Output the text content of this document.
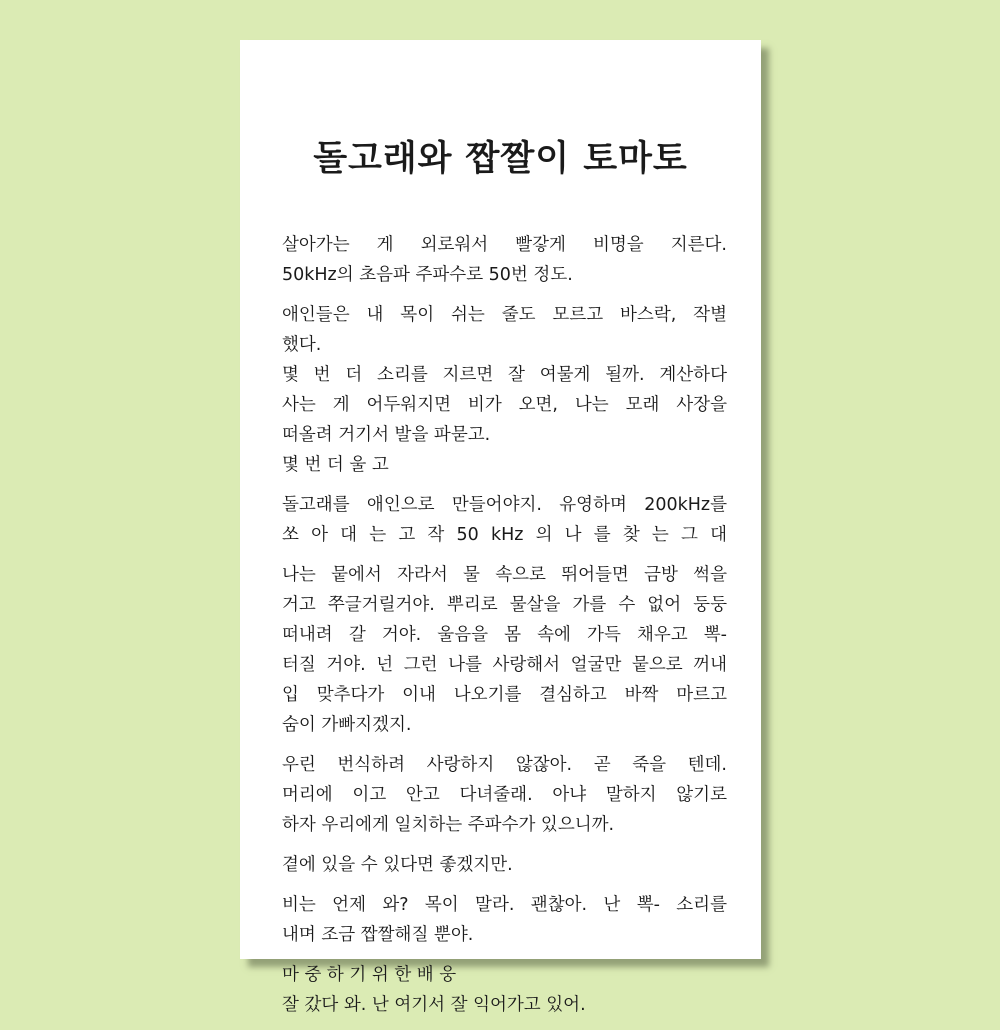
돌고래와 짭짤이 토마토
살아가는 게 외로워서 빨갛게 비명을 지른다.
50kHz의 초음파 주파수로 50번 정도.
애인들은 내 목이 쉬는 줄도 모르고 바스락, 작별
했다.
몇 번 더 소리를 지르면 잘 여물게 될까. 계산하다
사는 게 어두워지면 비가 오면, 나는 모래 사장을
떠올려 거기서 발을 파묻고.
몇 번 더 울 고
돌고래를 애인으로 만들어야지. 유영하며 200kHz를
쏘 아 대 는 고 작 50 kHz 의 나 를 찾 는 그 대
나는 뭍에서 자라서 물 속으로 뛰어들면 금방 썩을
거고 쭈글거릴거야. 뿌리로 물살을 가를 수 없어 둥둥
떠내려 갈 거야. 울음을 몸 속에 가득 채우고 뽁-
터질 거야. 넌 그런 나를 사랑해서 얼굴만 뭍으로 꺼내
입 맞추다가 이내 나오기를 결심하고 바짝 마르고
숨이 가빠지겠지.
우린 번식하려 사랑하지 않잖아. 곧 죽을 텐데.
머리에 이고 안고 다녀줄래. 아냐 말하지 않기로
하자 우리에게 일치하는 주파수가 있으니까.
곁에 있을 수 있다면 좋겠지만.
비는 언제 와? 목이 말라. 괜찮아. 난 뽁- 소리를
내며 조금 짭짤해질 뿐야.
마 중 하 기 위 한 배 웅
잘 갔다 와. 난 여기서 잘 익어가고 있어.
